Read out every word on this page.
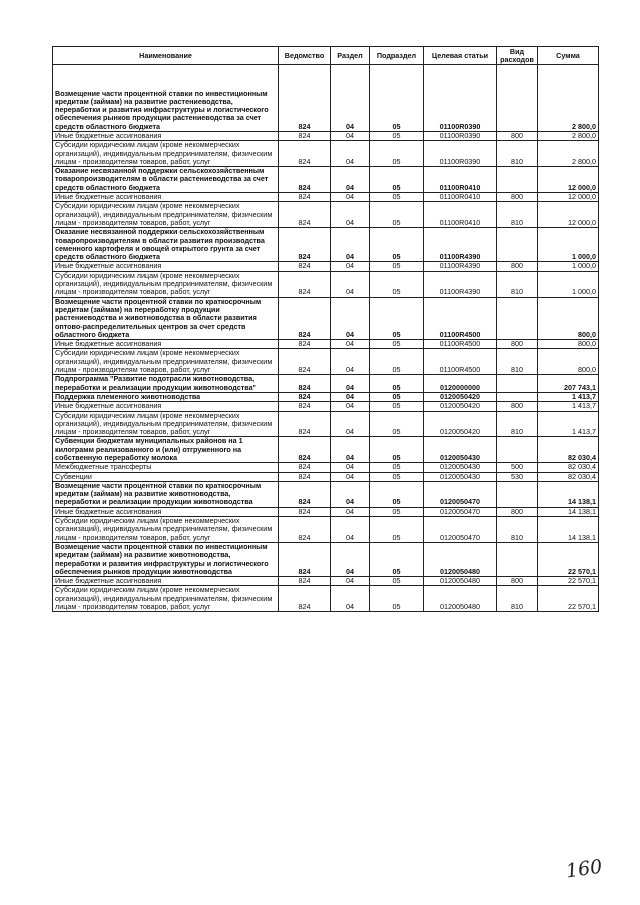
Наименование	Ведомство	Раздел	Подраздел	Целевая статьи	Вид расходов	Сумма
Возмещение части процентной ставки по инвестиционным кредитам (займам) на развитие растениеводства, переработки и развития инфраструктуры и логистического обеспечения рынков продукции растениеводства за счет средств областного бюджета	824	04	05	01100R0390		2 800,0
Иные бюджетные ассигнования	824	04	05	01100R0390	800	2 800,0
Субсидии юридическим лицам (кроме некоммерческих организаций), индивидуальным предпринимателям, физическим лицам - производителям товаров, работ, услуг	824	04	05	01100R0390	810	2 800,0
Оказание несвязанной поддержки сельскохозяйственным товаропроизводителям в области растениеводства за счет средств областного бюджета	824	04	05	01100R0410		12 000,0
Иные бюджетные ассигнования	824	04	05	01100R0410	800	12 000,0
Субсидии юридическим лицам (кроме некоммерческих организаций), индивидуальным предпринимателям, физическим лицам - производителям товаров, работ, услуг	824	04	05	01100R0410	810	12 000,0
Оказание несвязанной поддержки сельскохозяйственным товаропроизводителям в области развития производства семенного картофеля и овощей открытого грунта за счет средств областного бюджета	824	04	05	01100R4390		1 000,0
Иные бюджетные ассигнования	824	04	05	01100R4390	800	1 000,0
Субсидии юридическим лицам (кроме некоммерческих организаций), индивидуальным предпринимателям, физическим лицам - производителям товаров, работ, услуг	824	04	05	01100R4390	810	1 000,0
Возмещение части процентной ставки по краткосрочным кредитам (займам) на переработку продукции растениеводства и животноводства в области развития оптово-распределительных центров за счет средств областного бюджета	824	04	05	01100R4500		800,0
Иные бюджетные ассигнования	824	04	05	01100R4500	800	800,0
Субсидии юридическим лицам (кроме некоммерческих организаций), индивидуальным предпринимателям, физическим лицам - производителям товаров, работ, услуг	824	04	05	01100R4500	810	800,0
Подпрограмма "Развитие подотрасли животноводства, переработки и реализации продукции животноводства"	824	04	05	0120000000		207 743,1
Поддержка племенного животноводства	824	04	05	0120050420		1 413,7
Иные бюджетные ассигнования	824	04	05	0120050420	800	1 413,7
Субсидии юридическим лицам (кроме некоммерческих организаций), индивидуальным предпринимателям, физическим лицам - производителям товаров, работ, услуг	824	04	05	0120050420	810	1 413,7
Субвенции бюджетам муниципальных районов на 1 килограмм реализованного и (или) отгруженного на собственную переработку молока	824	04	05	0120050430		82 030,4
Межбюджетные трансферты	824	04	05	0120050430	500	82 030,4
Субвенции	824	04	05	0120050430	530	82 030,4
Возмещение части процентной ставки по краткосрочным кредитам (займам) на развитие животноводства, переработки и реализации продукции животноводства	824	04	05	0120050470		14 138,1
Иные бюджетные ассигнования	824	04	05	0120050470	800	14 138,1
Субсидии юридическим лицам (кроме некоммерческих организаций), индивидуальным предпринимателям, физическим лицам - производителям товаров, работ, услуг	824	04	05	0120050470	810	14 138,1
Возмещение части процентной ставки по инвестиционным кредитам (займам) на развитие животноводства, переработки и развития инфраструктуры и логистического обеспечения рынков продукции животноводства	824	04	05	0120050480		22 570,1
Иные бюджетные ассигнования	824	04	05	0120050480	800	22 570,1
Субсидии юридическим лицам (кроме некоммерческих организаций), индивидуальным предпринимателям, физическим лицам - производителям товаров, работ, услуг	824	04	05	0120050480	810	22 570,1
160
